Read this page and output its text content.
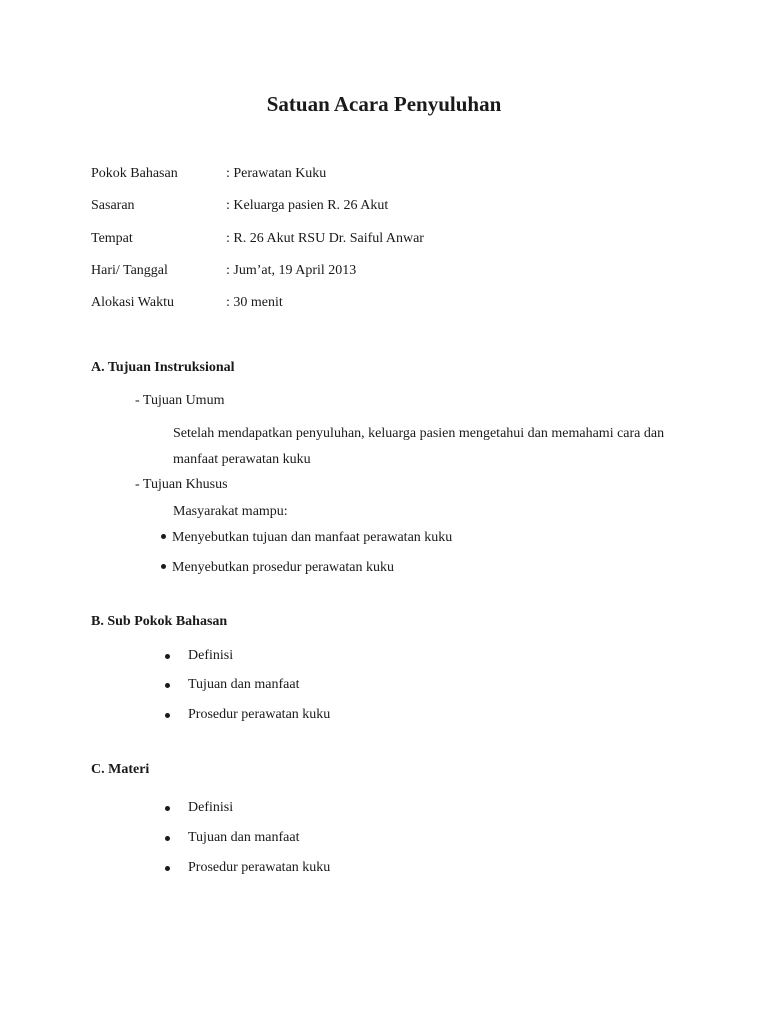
Satuan Acara Penyuluhan
Pokok Bahasan	: Perawatan Kuku
Sasaran	: Keluarga pasien R. 26 Akut
Tempat	: R. 26 Akut RSU Dr. Saiful Anwar
Hari/ Tanggal	: Jum’at, 19 April 2013
Alokasi Waktu	: 30 menit
A. Tujuan Instruksional
- Tujuan Umum
Setelah mendapatkan penyuluhan, keluarga pasien mengetahui dan memahami cara dan manfaat perawatan kuku
- Tujuan Khusus
Masyarakat mampu:
Menyebutkan tujuan dan manfaat perawatan kuku
Menyebutkan prosedur perawatan kuku
B. Sub Pokok Bahasan
Definisi
Tujuan dan manfaat
Prosedur perawatan kuku
C. Materi
Definisi
Tujuan dan manfaat
Prosedur perawatan kuku
